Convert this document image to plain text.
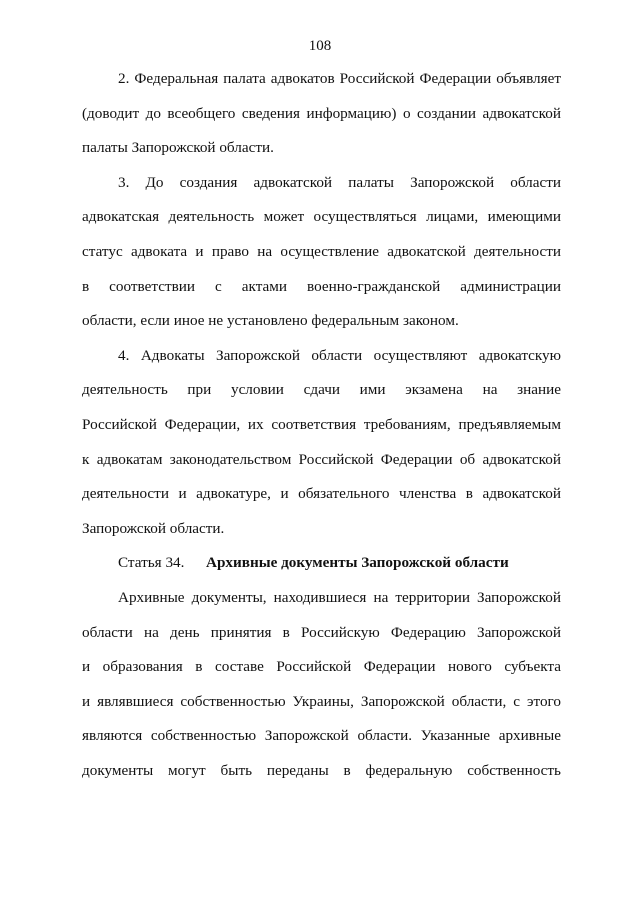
108
2. Федеральная палата адвокатов Российской Федерации объявляет
(доводит до всеобщего сведения информацию) о создании адвокатской
палаты Запорожской области.
3. До создания адвокатской палаты Запорожской области
адвокатская деятельность может осуществляться лицами, имеющими
статус адвоката и право на осуществление адвокатской деятельности
в соответствии с актами военно-гражданской администрации
области, если иное не установлено федеральным законом.
4. Адвокаты Запорожской области осуществляют адвокатскую
деятельность при условии сдачи ими экзамена на знание
Российской Федерации, их соответствия требованиям, предъявляемым
к адвокатам законодательством Российской Федерации об адвокатской
деятельности и адвокатуре, и обязательного членства в адвокатской
Запорожской области.
Статья 34. Архивные документы Запорожской области
Архивные документы, находившиеся на территории Запорожской
области на день принятия в Российскую Федерацию Запорожской
и образования в составе Российской Федерации нового субъекта
и являвшиеся собственностью Украины, Запорожской области, с этого
являются собственностью Запорожской области. Указанные архивные
документы могут быть переданы в федеральную собственность
